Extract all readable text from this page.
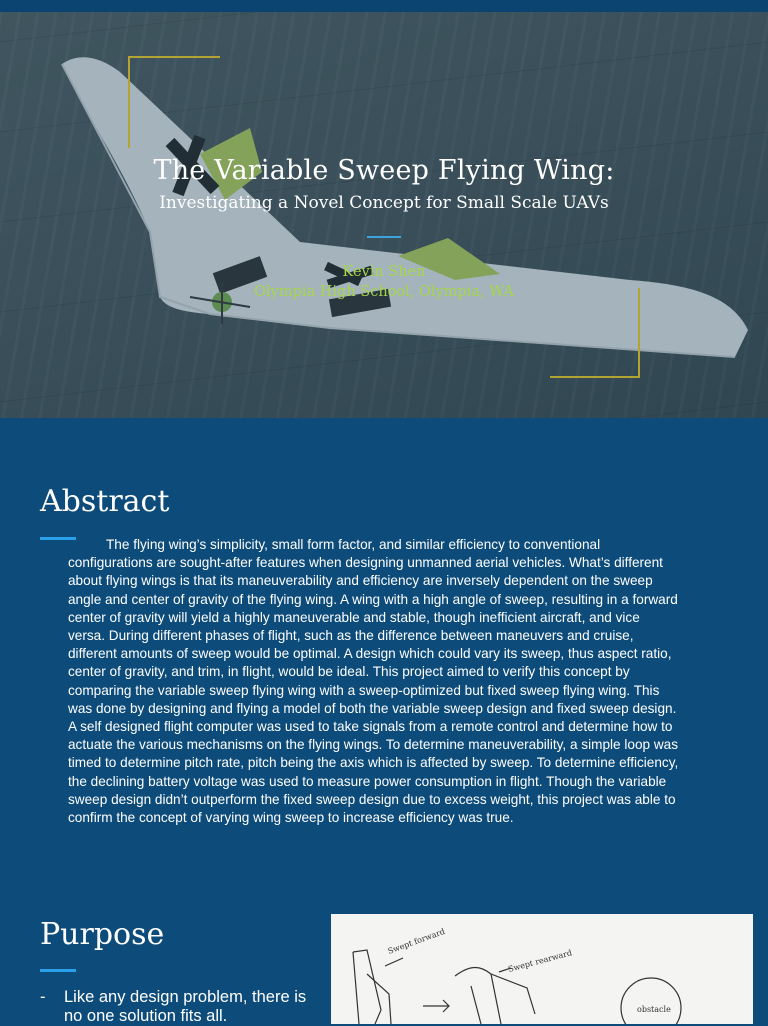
The Variable Sweep Flying Wing:
Investigating a Novel Concept for Small Scale UAVs
Kevin Shen
Olympia High School, Olympia, WA
Abstract

The flying wing’s simplicity, small form factor, and similar efficiency to conventional configurations are sought-after features when designing unmanned aerial vehicles. What’s different about flying wings is that its maneuverability and efficiency are inversely dependent on the sweep angle and center of gravity of the flying wing. A wing with a high angle of sweep, resulting in a forward center of gravity will yield a highly maneuverable and stable, though inefficient aircraft, and vice versa. During different phases of flight, such as the difference between maneuvers and cruise, different amounts of sweep would be optimal. A design which could vary its sweep, thus aspect ratio, center of gravity, and trim, in flight, would be ideal. This project aimed to verify this concept by comparing the variable sweep flying wing with a sweep-optimized but fixed sweep flying wing. This was done by designing and flying a model of both the variable sweep design and fixed sweep design. A self designed flight computer was used to take signals from a remote control and determine how to actuate the various mechanisms on the flying wings. To determine maneuverability, a simple loop was timed to determine pitch rate, pitch being the axis which is affected by sweep. To determine efficiency, the declining battery voltage was used to measure power consumption in flight. Though the variable sweep design didn’t outperform the fixed sweep design due to excess weight, this project was able to confirm the concept of varying wing sweep to increase efficiency was true.

Purpose
- Like any design problem, there is no one solution fits all.
Swept forward
Swept rearward
obstacle
